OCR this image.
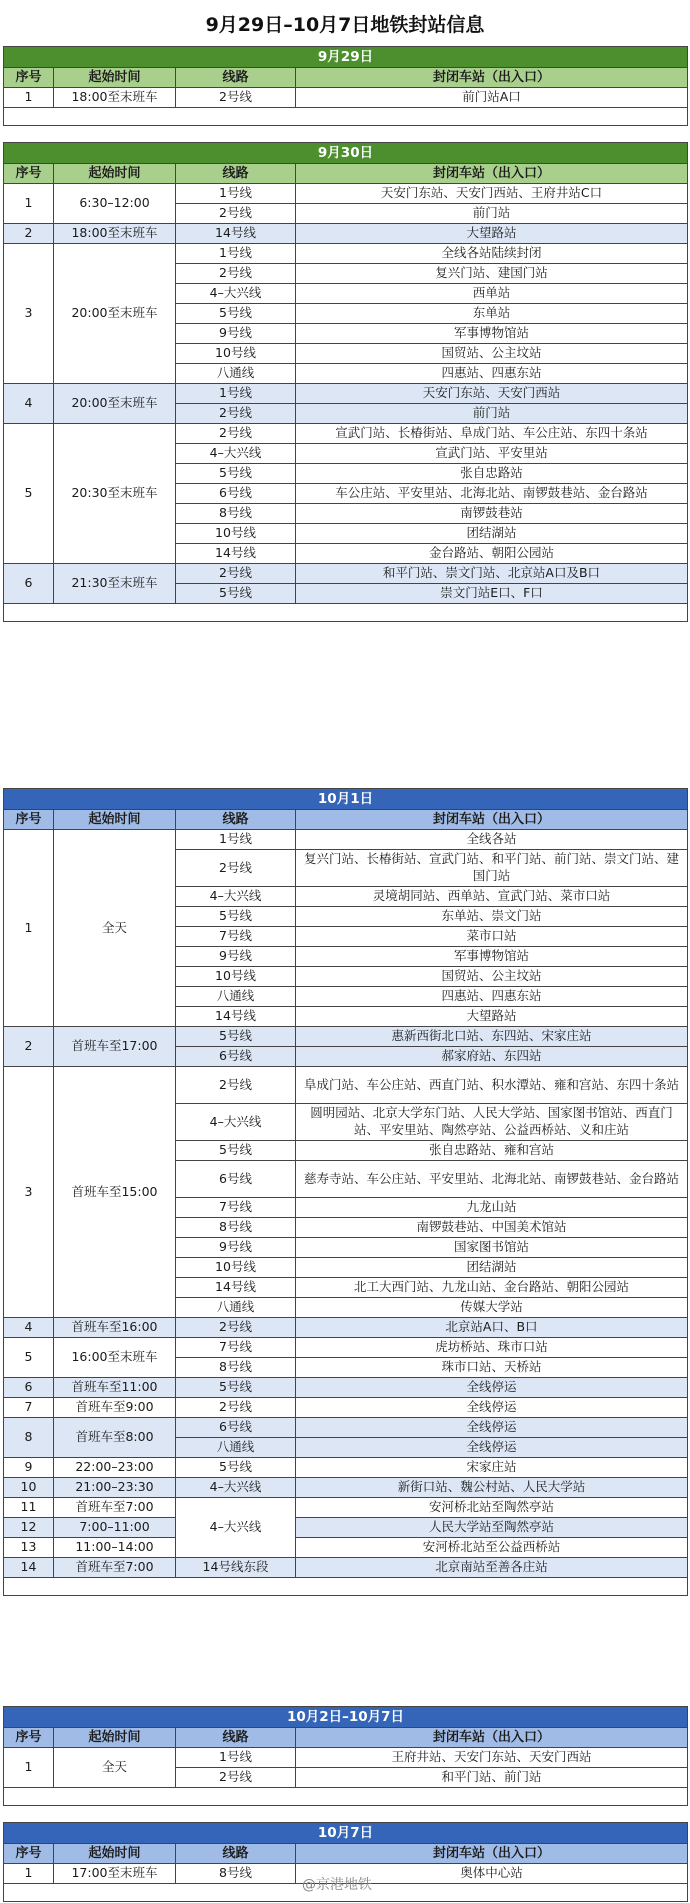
9月29日–10月7日地铁封站信息
9月29日			
序号	起始时间	线路	封闭车站（出入口）
1	18:00至末班车	2号线	前门站A口

9月30日			
序号	起始时间	线路	封闭车站（出入口）
1	6:30–12:00	1号线	天安门东站、天安门西站、王府井站C口
		2号线	前门站
2	18:00至末班车	14号线	大望路站
3	20:00至末班车	1号线	全线各站陆续封闭
		2号线	复兴门站、建国门站
		4–大兴线	西单站
		5号线	东单站
		9号线	军事博物馆站
		10号线	国贸站、公主坟站
		八通线	四惠站、四惠东站
4	20:00至末班车	1号线	天安门东站、天安门西站
		2号线	前门站
5	20:30至末班车	2号线	宣武门站、长椿街站、阜成门站、车公庄站、东四十条站
		4–大兴线	宣武门站、平安里站
		5号线	张自忠路站
		6号线	车公庄站、平安里站、北海北站、南锣鼓巷站、金台路站
		8号线	南锣鼓巷站
		10号线	团结湖站
		14号线	金台路站、朝阳公园站
6	21:30至末班车	2号线	和平门站、崇文门站、北京站A口及B口
		5号线	崇文门站E口、F口

10月1日			
序号	起始时间	线路	封闭车站（出入口）
1	全天	1号线	全线各站
		2号线	复兴门站、长椿街站、宣武门站、和平门站、前门站、崇文门站、建国门站
		4–大兴线	灵境胡同站、西单站、宣武门站、菜市口站
		5号线	东单站、崇文门站
		7号线	菜市口站
		9号线	军事博物馆站
		10号线	国贸站、公主坟站
		八通线	四惠站、四惠东站
		14号线	大望路站
2	首班车至17:00	5号线	惠新西街北口站、东四站、宋家庄站
		6号线	郝家府站、东四站
3	首班车至15:00	2号线	阜成门站、车公庄站、西直门站、积水潭站、雍和宫站、东四十条站
		4–大兴线	圆明园站、北京大学东门站、人民大学站、国家图书馆站、西直门站、平安里站、陶然亭站、公益西桥站、义和庄站
		5号线	张自忠路站、雍和宫站
		6号线	慈寿寺站、车公庄站、平安里站、北海北站、南锣鼓巷站、金台路站
		7号线	九龙山站
		8号线	南锣鼓巷站、中国美术馆站
		9号线	国家图书馆站
		10号线	团结湖站
		14号线	北工大西门站、九龙山站、金台路站、朝阳公园站
		八通线	传媒大学站
4	首班车至16:00	2号线	北京站A口、B口
5	16:00至末班车	7号线	虎坊桥站、珠市口站
		8号线	珠市口站、天桥站
6	首班车至11:00	5号线	全线停运
7	首班车至9:00	2号线	全线停运
8	首班车至8:00	6号线	全线停运
		八通线	全线停运
9	22:00–23:00	5号线	宋家庄站
10	21:00–23:30	4–大兴线	新街口站、魏公村站、人民大学站
11	首班车至7:00	4–大兴线	安河桥北站至陶然亭站
12	7:00–11:00		人民大学站至陶然亭站
13	11:00–14:00		安河桥北站至公益西桥站
14	首班车至7:00	14号线东段	北京南站至善各庄站

10月2日–10月7日			
序号	起始时间	线路	封闭车站（出入口）
1	全天	1号线	王府井站、天安门东站、天安门西站
		2号线	和平门站、前门站

10月7日			
序号	起始时间	线路	封闭车站（出入口）
1	17:00至末班车	8号线	奥体中心站

@京港地铁
